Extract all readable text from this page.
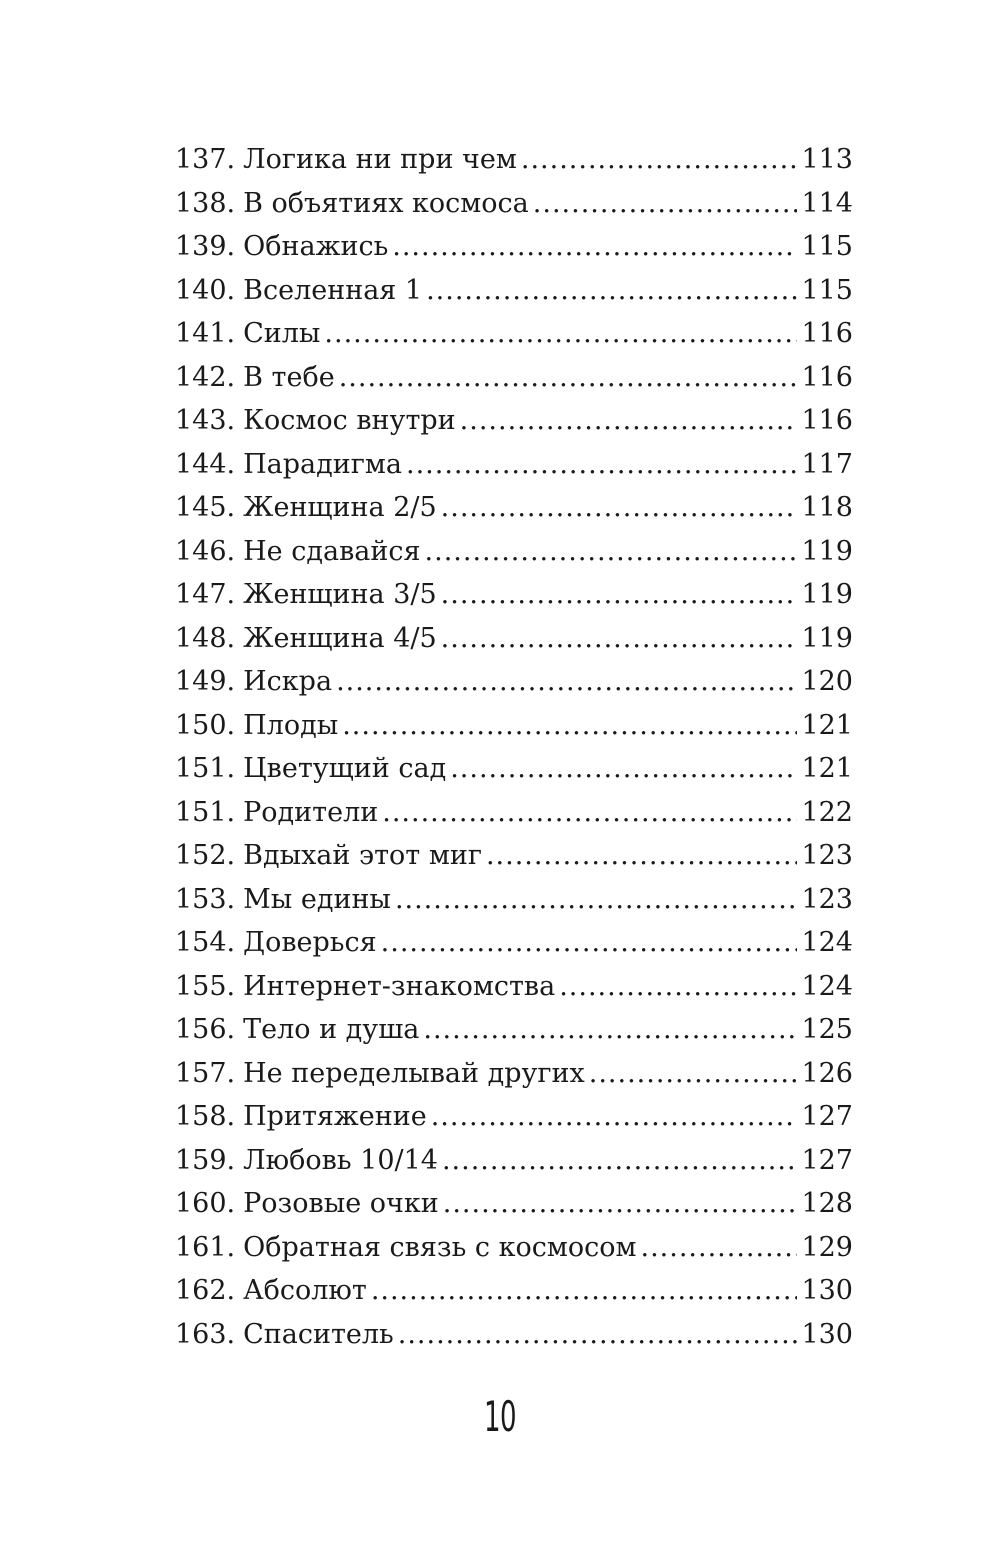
137. Логика ни при чем .....	113
138. В объятиях космоса .....	114
139. Обнажись .....	115
140. Вселенная 1 .....	115
141. Силы .....	116
142. В тебе .....	116
143. Космос внутри .....	116
144. Парадигма .....	117
145. Женщина 2/5 .....	118
146. Не сдавайся .....	119
147. Женщина 3/5 .....	119
148. Женщина 4/5 .....	119
149. Искра .....	120
150. Плоды .....	121
151. Цветущий сад .....	121
151. Родители .....	122
152. Вдыхай этот миг .....	123
153. Мы едины .....	123
154. Доверься .....	124
155. Интернет-знакомства .....	124
156. Тело и душа .....	125
157. Не переделывай других .....	126
158. Притяжение .....	127
159. Любовь 10/14 .....	127
160. Розовые очки .....	128
161. Обратная связь с космосом .....	129
162. Абсолют .....	130
163. Спаситель .....	130
10
